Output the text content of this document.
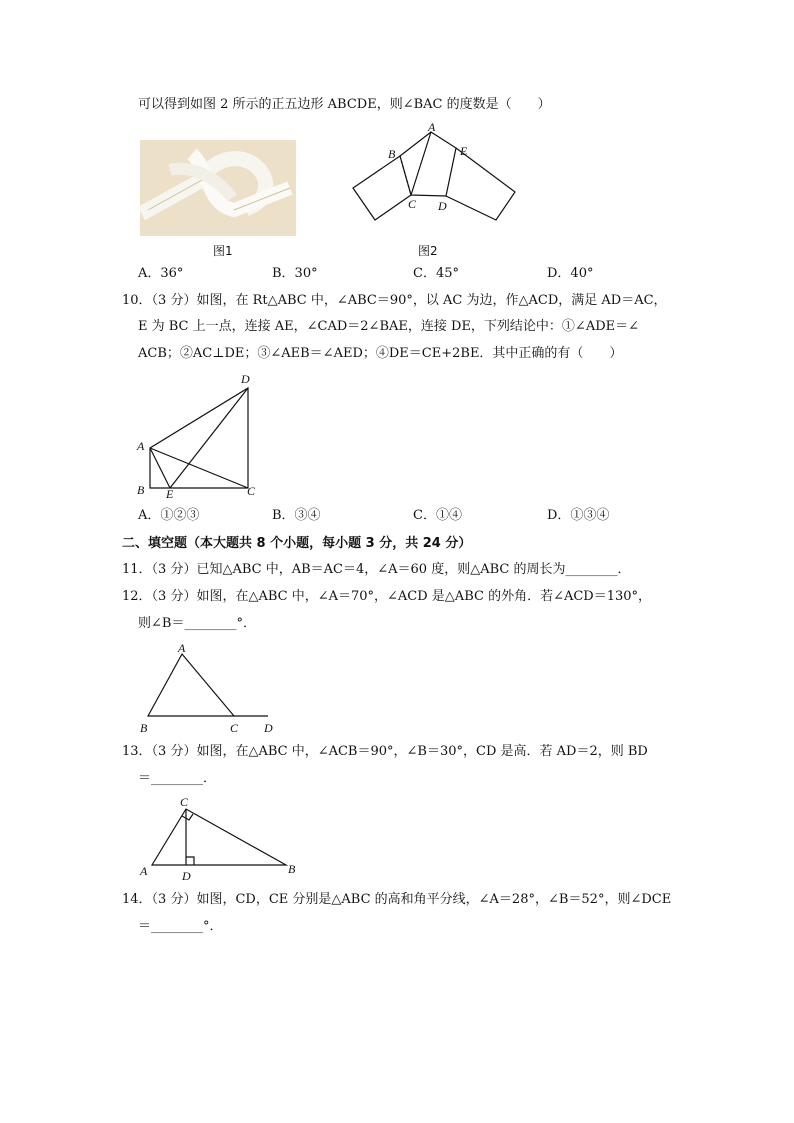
可以得到如图 2 所示的正五边形 ABCDE，则∠BAC 的度数是（　　）
图1
A
B
C D
E
图2
A．36°	B．30°	C．45°	D．40°
10．（3 分）如图，在 Rt△ABC 中，∠ABC＝90°，以 AC 为边，作△ACD，满足 AD＝AC，
E 为 BC 上一点，连接 AE，∠CAD＝2∠BAE，连接 DE，下列结论中：①∠ADE＝∠
ACB；②AC⊥DE；③∠AEB＝∠AED；④DE＝CE+2BE．其中正确的有（　　）
A
B	C
D
E
A．①②③	B．③④	C．①④	D．①③④
二、填空题（本大题共 8 个小题，每小题 3 分，共 24 分）
11．（3 分）已知△ABC 中，AB＝AC＝4，∠A＝60 度，则△ABC 的周长为________．
12．（3 分）如图，在△ABC 中，∠A＝70°，∠ACD 是△ABC 的外角．若∠ACD＝130°，
则∠B＝________°．
A
B	C D
13．（3 分）如图，在△ABC 中，∠ACB＝90°，∠B＝30°，CD 是高．若 AD＝2，则 BD
＝________．
C
A	D	B
14．（3 分）如图，CD，CE 分别是△ABC 的高和角平分线，∠A＝28°，∠B＝52°，则∠DCE
＝________°．
